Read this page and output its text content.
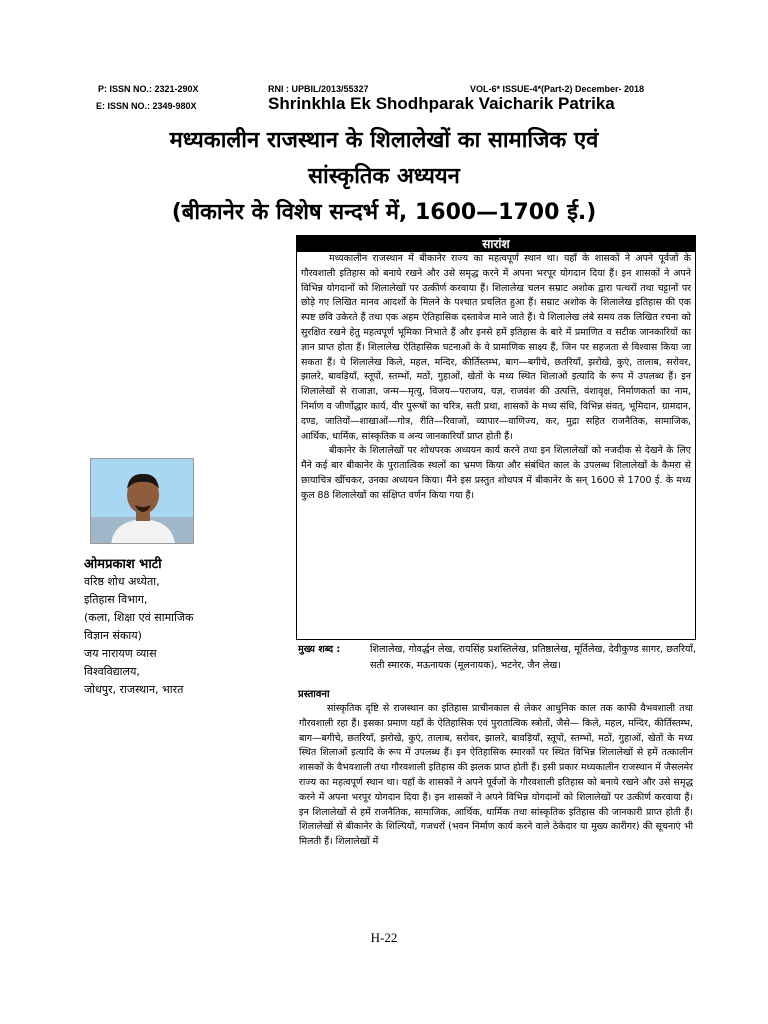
P: ISSN NO.: 2321-290X
E: ISSN NO.: 2349-980X
RNI : UPBIL/2013/55327	VOL-6* ISSUE-4*(Part-2) December- 2018
Shrinkhla Ek Shodhparak Vaicharik Patrika
मध्यकालीन राजस्थान के शिलालेखों का सामाजिक एवं
सांस्कृतिक अध्ययन
(बीकानेर के विशेष सन्दर्भ में, 1600—1700 ई.)
सारांश

मध्यकालीन राजस्थान में बीकानेर राज्य का महत्वपूर्ण स्थान था। यहाँ के शासकों ने अपने पूर्वजों के गौरवशाली इतिहास को बनाये रखने और उसे समृद्ध करने में अपना भरपूर योगदान दिया हैं। इन शासकों ने अपने विभिन्न योगदानों को शिलालेखों पर उत्कीर्ण करवाया हैं। शिलालेख चलन सम्राट अशोक द्वारा पत्थरों तथा चट्टानों पर छोड़े गए लिखित मानव आदर्शों के मिलने के पश्चात प्रचलित हुआ हैं। सम्राट अशोक के शिलालेख इतिहास की एक स्पष्ट छवि उकेरते हैं तथा एक अहम ऐतिहासिक दस्तावेज माने जाते हैं। ये शिलालेख लंबे समय तक लिखित रचना को सुरक्षित रखने हेतु महत्वपूर्ण भूमिका निभाते हैं और इनसे हमें इतिहास के बारे में प्रमाणित व सटीक जानकारियों का ज्ञान प्राप्त होता हैं। शिलालेख ऐतिहासिक घटनाओं के वे प्रामाणिक साक्ष्य हैं, जिन पर सहजता से विश्वास किया जा सकता हैं। ये शिलालेख किले, महल, मन्दिर, कीर्तिस्तम्भ, बाग—बगीचे, छतरियाँ, झरोखे, कुएं, तालाब, सरोवर, झालरे, बावड़ियाँ, स्तूपों, स्तम्भों, मठों, गुहाओं, खेतों के मध्य स्थित शिलाओं इत्यादि के रूप में उपलब्ध हैं। इन शिलालेखों से राजाज्ञा, जन्म—मृत्यु, विजय—पराजय, यज्ञ, राजवंश की उत्पत्ति, वंशावृक्ष, निर्माणकर्ता का नाम, निर्माण व जीर्णोद्धार कार्य, वीर पुरूषों का चरित्र, सती प्रथा, शासकों के मध्य संधि, विभिन्न संवत्, भूमिदान, ग्रामदान, दण्ड, जातियों—शाखाओं—गोत्र, रीति—रिवाजों, व्यापार—वाणिज्य, कर, मुद्रा सहित राजनैतिक, सामाजिक, आर्थिक, धार्मिक, सांस्कृतिक व अन्य जानकारियाँ प्राप्त होती हैं।

बीकानेर के शिलालेखों पर शोधपरक अध्ययन कार्य करने तथा इन शिलालेखों को नजदीक से देखने के लिए मैंने कई बार बीकानेर के पुरातात्विक स्थलों का भ्रमण किया और संबंधित काल के उपलब्ध शिलालेखों के कैमरा से छायाचित्र खींचकर, उनका अध्ययन किया। मैंने इस प्रस्तुत शोधपत्र में बीकानेर के सन् 1600 से 1700 ई. के मध्य कुल 88 शिलालेखों का संक्षिप्त वर्णन किया गया हैं।

ओमप्रकाश भाटी
वरिष्ठ शोध अध्येता,
इतिहास विभाग,
(कला, शिक्षा एवं सामाजिक
विज्ञान संकाय)
जय नारायण व्यास
विश्वविद्यालय,
जोधपुर, राजस्थान, भारत
मुख्य शब्द :	शिलालेख, गोवर्द्धन लेख, रायसिंह प्रशस्तिलेख, प्रतिष्ठालेख, मूर्तिलेख, देवीकुण्ड सागर, छतरियाँ, सती स्मारक, मऊनायक (मूलनायक), भटनेर, जैन लेख।
प्रस्तावना

सांस्कृतिक दृष्टि से राजस्थान का इतिहास प्राचीनकाल से लेकर आधुनिक काल तक काफी वैभवशाली तथा गौरवशाली रहा हैं। इसका प्रमाण यहाँ के ऐतिहासिक एवं पुरातात्विक स्त्रोतों, जैसे— किले, महल, मन्दिर, कीर्तिस्तम्भ, बाग—बगीचे, छतरियाँ, झरोखे, कुएं, तालाब, सरोवर, झालरे, बावड़ियाँ, स्तूपों, स्तम्भों, मठों, गुहाओं, खेतों के मध्य स्थित शिलाओं इत्यादि के रूप में उपलब्ध हैं। इन ऐतिहासिक स्मारकों पर स्थित विभिन्न शिलालेखों से हमें तत्कालीन शासकों के वैभवशाली तथा गौरवशाली इतिहास की झलक प्राप्त होती हैं। इसी प्रकार मध्यकालीन राजस्थान में जैसलमेर राज्य का महत्वपूर्ण स्थान था। यहाँ के शासकों ने अपने पूर्वजों के गौरवशाली इतिहास को बनाये रखने और उसे समृद्ध करने में अपना भरपूर योगदान दिया हैं। इन शासकों ने अपने विभिन्न योगदानों को शिलालेखों पर उत्कीर्ण करवाया हैं। इन शिलालेखों से हमें राजनैतिक, सामाजिक, आर्थिक, धार्मिक तथा सांस्कृतिक इतिहास की जानकारी प्राप्त होती हैं। शिलालेखों से बीकानेर के शिल्पियों, गजधरों (भवन निर्माण कार्य करने वाले ठेकेदार या मुख्य कारीगर) की सूचनाएं भी मिलती हैं। शिलालेखों में

H-22
